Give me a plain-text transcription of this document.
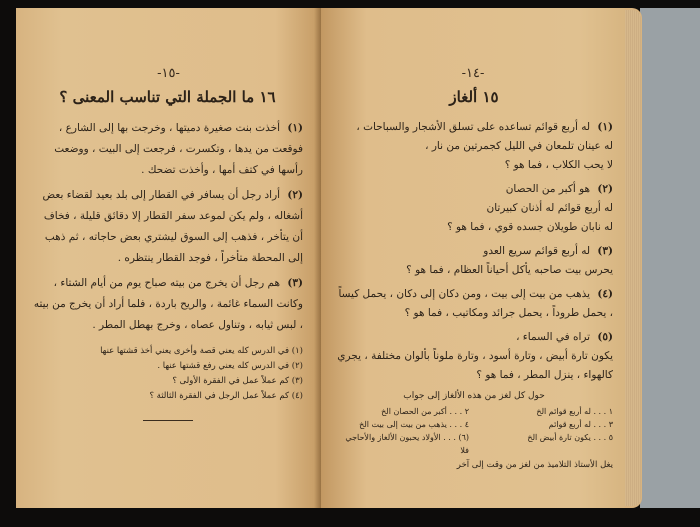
-١٥-
١٦ ما الجملة التي تناسب المعنى ؟

(١) أخذت بنت صغيرة دميتها ، وخرجت بها إلى الشارع ، فوقعت من يدها ، وتكسرت ، فرجعت إلى البيت ، ووضعت رأسها في كتف أمها ، وأخذت تضحك .

(٢) أراد رجل أن يسافر في القطار إلى بلد بعيد لقضاء بعض أشغاله ، ولم يكن لموعد سفر القطار إلا دقائق قليلة ، فخاف أن يتأخر ، فذهب إلى السوق ليشتري بعض حاجاته ، ثم ذهب إلى المحطة متأخراً ، فوجد القطار ينتظره .

(٣) هم رجل أن يخرج من بيته صباح يوم من أيام الشتاء ، وكانت السماء غائمة ، والريح باردة ، فلما أراد أن يخرج من بيته ، لبس ثيابه ، وتناول عصاه ، وخرج بهطل المطر .

(١) في الدرس كله يعني قصة وأخرى يعني أخذ قشتها عنها
(٢) في الدرس كله يعني رفع قشتها عنها .
(٣) كم عملاً عمل في الفقرة الأولى ؟
(٤) كم عملاً عمل الرجل في الفقرة الثالثة ؟
-١٤-
١٥ ألغاز
(١) له أربع قوائم تساعده على تسلق الأشجار والسباحات ،
له عينان تلمعان في الليل كجمرتين من نار ،
لا يحب الكلاب ، فما هو ؟
(٢) هو أكبر من الحصان
له أربع قوائم له أذنان كبيرتان
له نابان طويلان جسده قوي ، فما هو ؟
(٣) له أربع قوائم سريع العدو
يحرس بيت صاحبه يأكل أحياناً العظام ، فما هو ؟
(٤) يذهب من بيت إلى بيت ، ومن دكان إلى دكان ، يحمل كيساً ، يحمل طروداً ، يحمل جرائد ومكاتيب ، فما هو ؟
(٥) تراه في السماء ،
يكون تارة أبيض ، وتارة أسود ، وتارة ملوناً بألوان مختلفة ، يجري كالهواء ، ينزل المطر ، فما هو ؟
حول كل لغز من هذه الألغاز إلى جواب
١ . . . له أربع قوائم الخ
٢ . . . أكبر من الحصان الخ
٣ . . . له أربع قوائم
٤ . . . يذهب من بيت إلى بيت الخ
٥ . . . يكون تارة أبيض الخ
(٦) . . . الأولاد يحبون الألغاز والأحاجي فلا
يغل الأستاذ التلاميذ من لغز من وقت إلى آخر
